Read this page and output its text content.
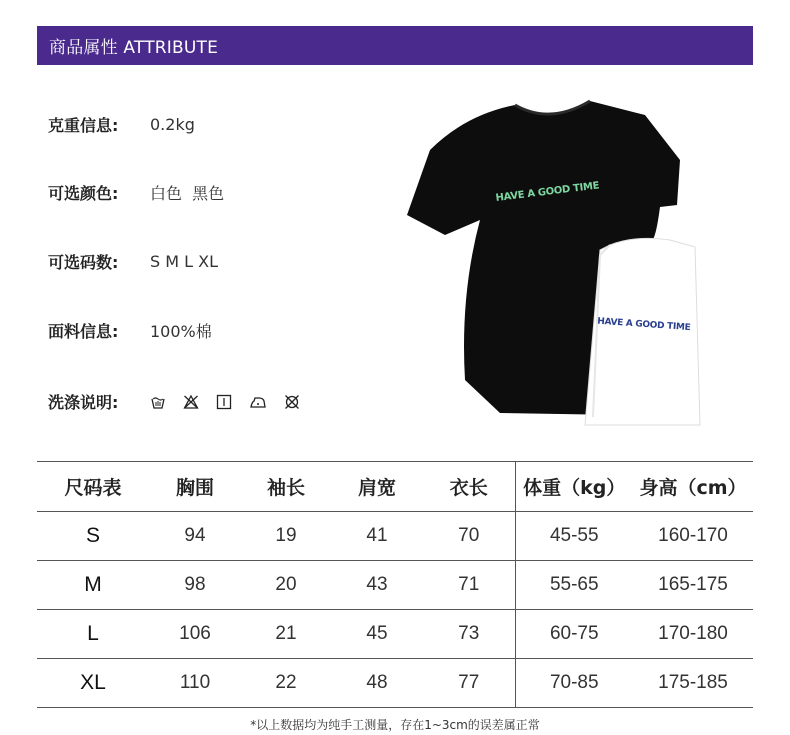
商品属性 ATTRIBUTE
克重信息:	0.2kg
可选颜色:	白色  黑色
可选码数:	S M L XL
面料信息:	100%棉
洗涤说明:
HAVE A GOOD TIME
HAVE A GOOD TIME
尺码表	胸围	袖长	肩宽	衣长	体重（kg）	身高（cm）
S	94	19	41	70	45-55	160-170
M	98	20	43	71	55-65	165-175
L	106	21	45	73	60-75	170-180
XL	110	22	48	77	70-85	175-185
*以上数据均为纯手工测量，存在1~3cm的误差属正常
